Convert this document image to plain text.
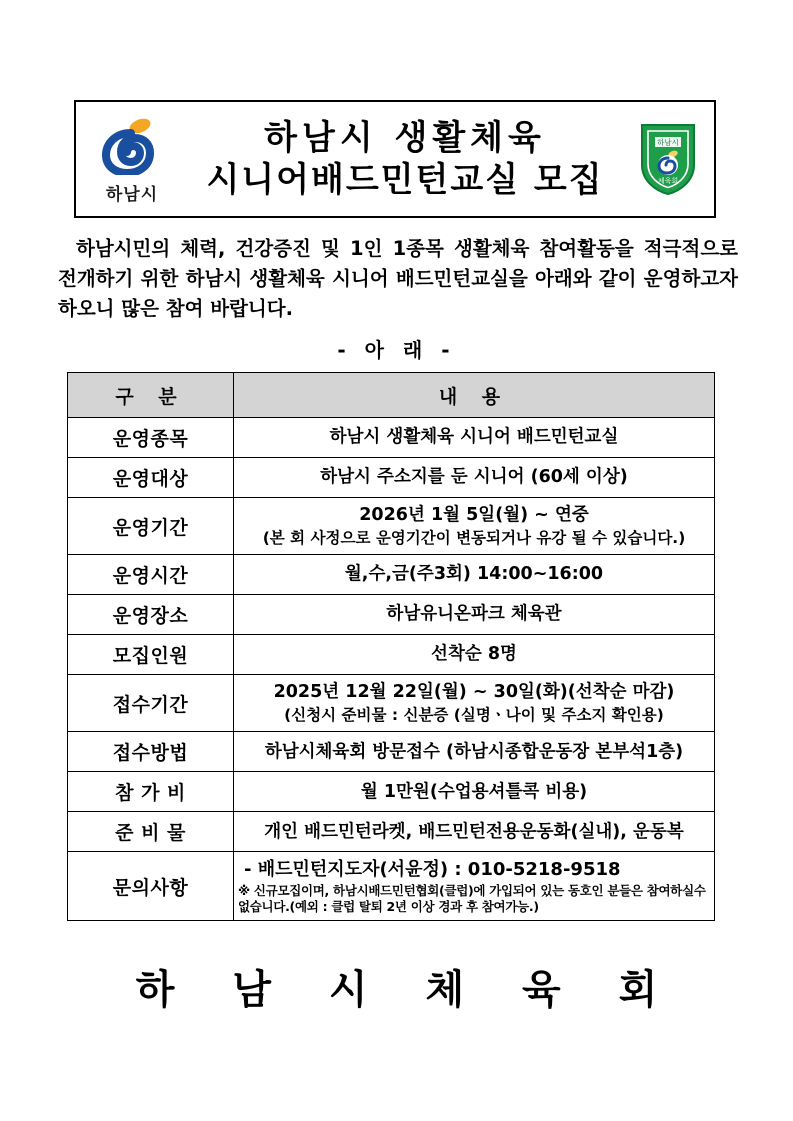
하남시
하남시 생활체육
시니어배드민턴교실 모집
하남시
체육회
하남시민의 체력, 건강증진 및 1인 1종목 생활체육 참여활동을 적극적으로 전개하기 위한 하남시 생활체육 시니어 배드민턴교실을 아래와 같이 운영하고자 하오니 많은 참여 바랍니다.
- 아 래 -
구 분	내 용
운영종목	하남시 생활체육 시니어 배드민턴교실
운영대상	하남시 주소지를 둔 시니어 (60세 이상)
운영기간	2026년 1월 5일(월) ~ 연중
(본 회 사정으로 운영기간이 변동되거나 유강 될 수 있습니다.)

운영시간	월,수,금(주3회) 14:00~16:00
운영장소	하남유니온파크 체육관
모집인원	선착순 8명
접수기간	2025년 12월 22일(월) ~ 30일(화)(선착순 마감)
(신청시 준비물 : 신분증 (실명ㆍ나이 및 주소지 확인용)

접수방법	하남시체육회 방문접수 (하남시종합운동장 본부석1층)
참 가 비	월 1만원(수업용셔틀콕 비용)
준 비 물	개인 배드민턴라켓, 배드민턴전용운동화(실내), 운동복
문의사항	- 배드민턴지도자(서윤정) : 010-5218-9518
※ 신규모집이며, 하남시배드민턴협회(클럽)에 가입되어 있는 동호인 분들은 참여하실수 없습니다.(예외 : 클럽 탈퇴 2년 이상 경과 후 참여가능.)
하 남 시 체 육 회
